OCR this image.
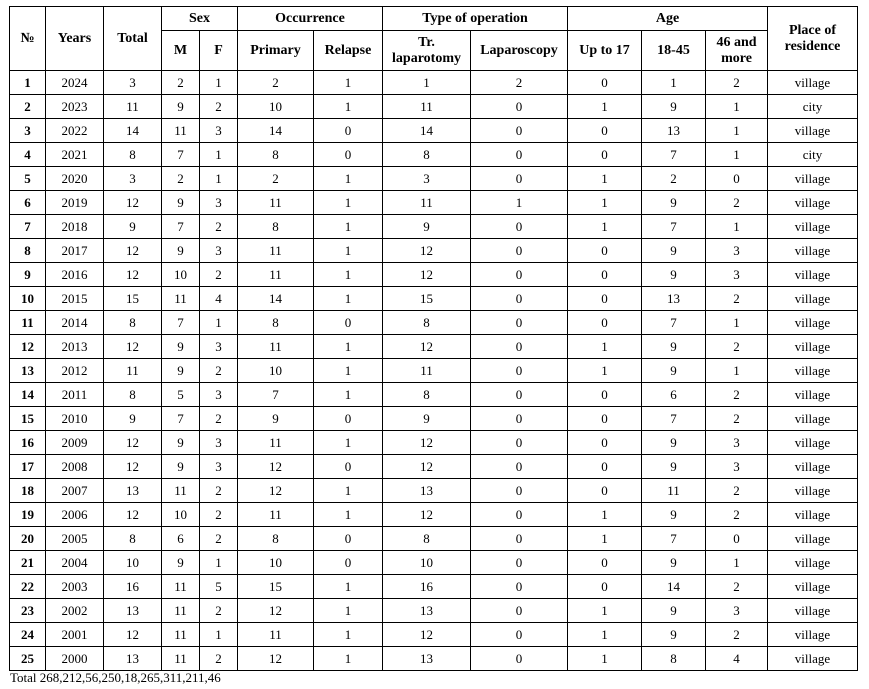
№	Years	Total	Sex		Occurrence		Type of operation		Age			Place of residence
			M	F	Primary	Relapse	Tr. laparotomy	Laparoscopy	Up to 17	18-45	46 and more	
1	2024	3	2	1	2	1	1	2	0	1	2	village
2	2023	11	9	2	10	1	11	0	1	9	1	city
3	2022	14	11	3	14	0	14	0	0	13	1	village
4	2021	8	7	1	8	0	8	0	0	7	1	city
5	2020	3	2	1	2	1	3	0	1	2	0	village
6	2019	12	9	3	11	1	11	1	1	9	2	village
7	2018	9	7	2	8	1	9	0	1	7	1	village
8	2017	12	9	3	11	1	12	0	0	9	3	village
9	2016	12	10	2	11	1	12	0	0	9	3	village
10	2015	15	11	4	14	1	15	0	0	13	2	village
11	2014	8	7	1	8	0	8	0	0	7	1	village
12	2013	12	9	3	11	1	12	0	1	9	2	village
13	2012	11	9	2	10	1	11	0	1	9	1	village
14	2011	8	5	3	7	1	8	0	0	6	2	village
15	2010	9	7	2	9	0	9	0	0	7	2	village
16	2009	12	9	3	11	1	12	0	0	9	3	village
17	2008	12	9	3	12	0	12	0	0	9	3	village
18	2007	13	11	2	12	1	13	0	0	11	2	village
19	2006	12	10	2	11	1	12	0	1	9	2	village
20	2005	8	6	2	8	0	8	0	1	7	0	village
21	2004	10	9	1	10	0	10	0	0	9	1	village
22	2003	16	11	5	15	1	16	0	0	14	2	village
23	2002	13	11	2	12	1	13	0	1	9	3	village
24	2001	12	11	1	11	1	12	0	1	9	2	village
25	2000	13	11	2	12	1	13	0	1	8	4	village
Total 268,212,56,250,18,265,311,211,46
